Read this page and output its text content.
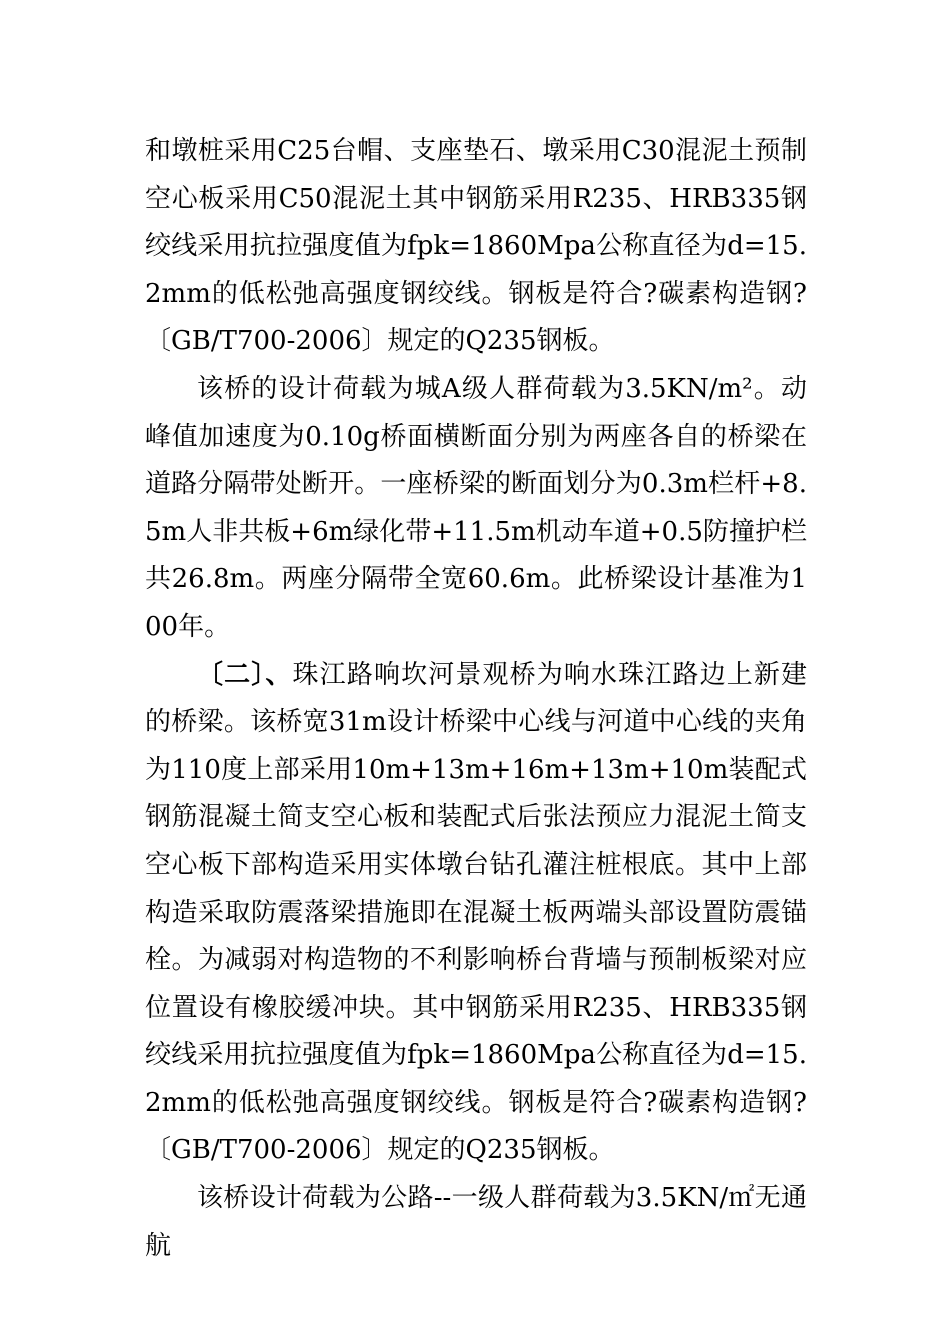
和墩桩采用C25台帽、支座垫石、墩采用C30混泥土预制空心板采用C50混泥土其中钢筋采用R235、HRB335钢绞线采用抗拉强度值为fpk=1860Mpa公称直径为d=15.2mm的低松弛高强度钢绞线。钢板是符合?碳素构造钢?〔GB/T700-2006〕规定的Q235钢板。

该桥的设计荷载为城A级人群荷载为3.5KN/m²。动峰值加速度为0.10g桥面横断面分别为两座各自的桥梁在道路分隔带处断开。一座桥梁的断面划分为0.3m栏杆+8.5m人非共板+6m绿化带+11.5m机动车道+0.5防撞护栏共26.8m。两座分隔带全宽60.6m。此桥梁设计基准为100年。

〔二〕、珠江路响坎河景观桥为响水珠江路边上新建的桥梁。该桥宽31m设计桥梁中心线与河道中心线的夹角为110度上部采用10m+13m+16m+13m+10m装配式钢筋混凝土简支空心板和装配式后张法预应力混泥土简支空心板下部构造采用实体墩台钻孔灌注桩根底。其中上部构造采取防震落梁措施即在混凝土板两端头部设置防震锚栓。为减弱对构造物的不利影响桥台背墙与预制板梁对应位置设有橡胶缓冲块。其中钢筋采用R235、HRB335钢绞线采用抗拉强度值为fpk=1860Mpa公称直径为d=15.2mm的低松弛高强度钢绞线。钢板是符合?碳素构造钢?〔GB/T700-2006〕规定的Q235钢板。

该桥设计荷载为公路--一级人群荷载为3.5KN/㎡无通航
